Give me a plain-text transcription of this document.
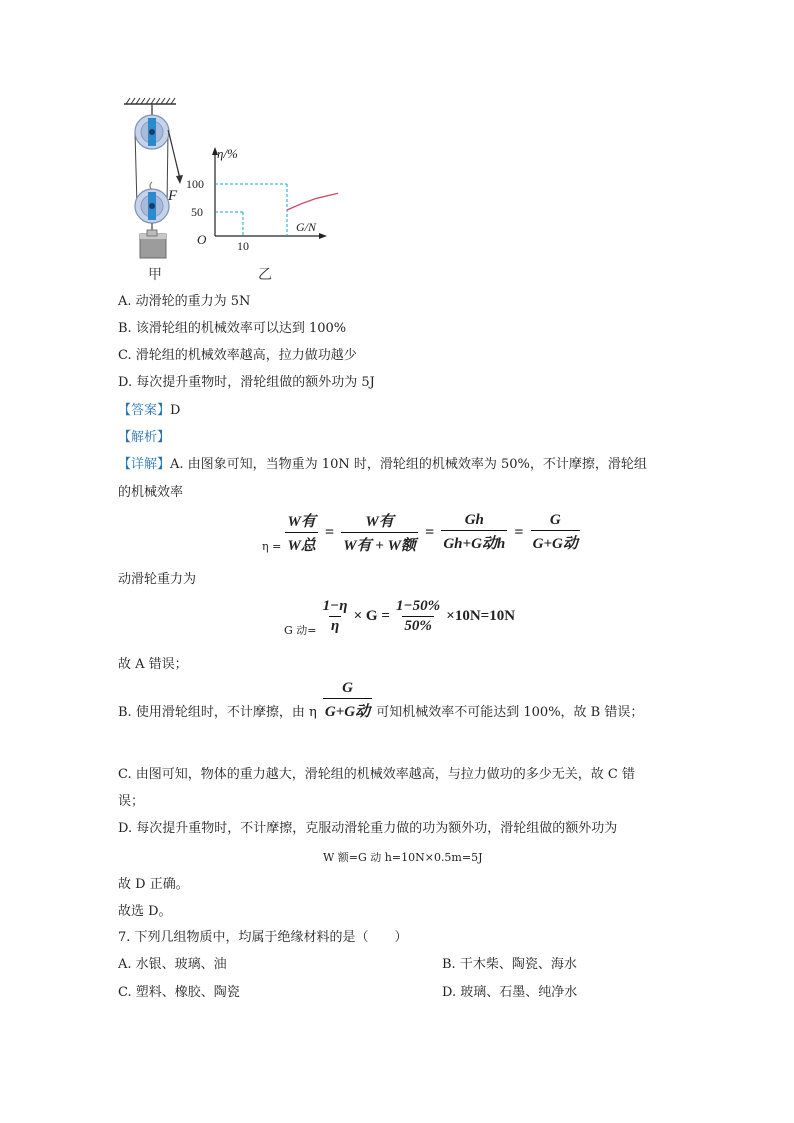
F
甲
η/%
G/N
O
100
50
10
乙
A. 动滑轮的重力为 5N
B. 该滑轮组的机械效率可以达到 100%
C. 滑轮组的机械效率越高，拉力做功越少
D. 每次提升重物时，滑轮组做的额外功为 5J
【答案】D
【解析】
【详解】A. 由图象可知，当物重为 10N 时，滑轮组的机械效率为 50%，不计摩擦，滑轮组
的机械效率
$_{\eta =} \frac{\text{W有}}{\text{W总}} = \frac{\text{W有}}{\text{W有 + W额}} = \frac{Gh}{\text{Gh+G动h}} = \frac{G}{\text{G+G动}}$
动滑轮重力为
$_{G 动=} \frac{1-\eta}{\eta} \times G = \frac{1-50\%}{50\%} \times 10N=10N$
故 A 错误；
B. 使用滑轮组时，不计摩擦，由 η $\frac{G}{\text{G+G动}}$ 可知机械效率不可能达到 100%，故 B 错误；
C. 由图可知，物体的重力越大，滑轮组的机械效率越高，与拉力做功的多少无关，故 C 错
误；
D. 每次提升重物时，不计摩擦，克服动滑轮重力做的功为额外功，滑轮组做的额外功为
W 额=G 动 h=10N×0.5m=5J
故 D 正确。
故选 D。
7. 下列几组物质中，均属于绝缘材料的是（　　）
A. 水银、玻璃、油	B. 干木柴、陶瓷、海水
C. 塑料、橡胶、陶瓷	D. 玻璃、石墨、纯净水
